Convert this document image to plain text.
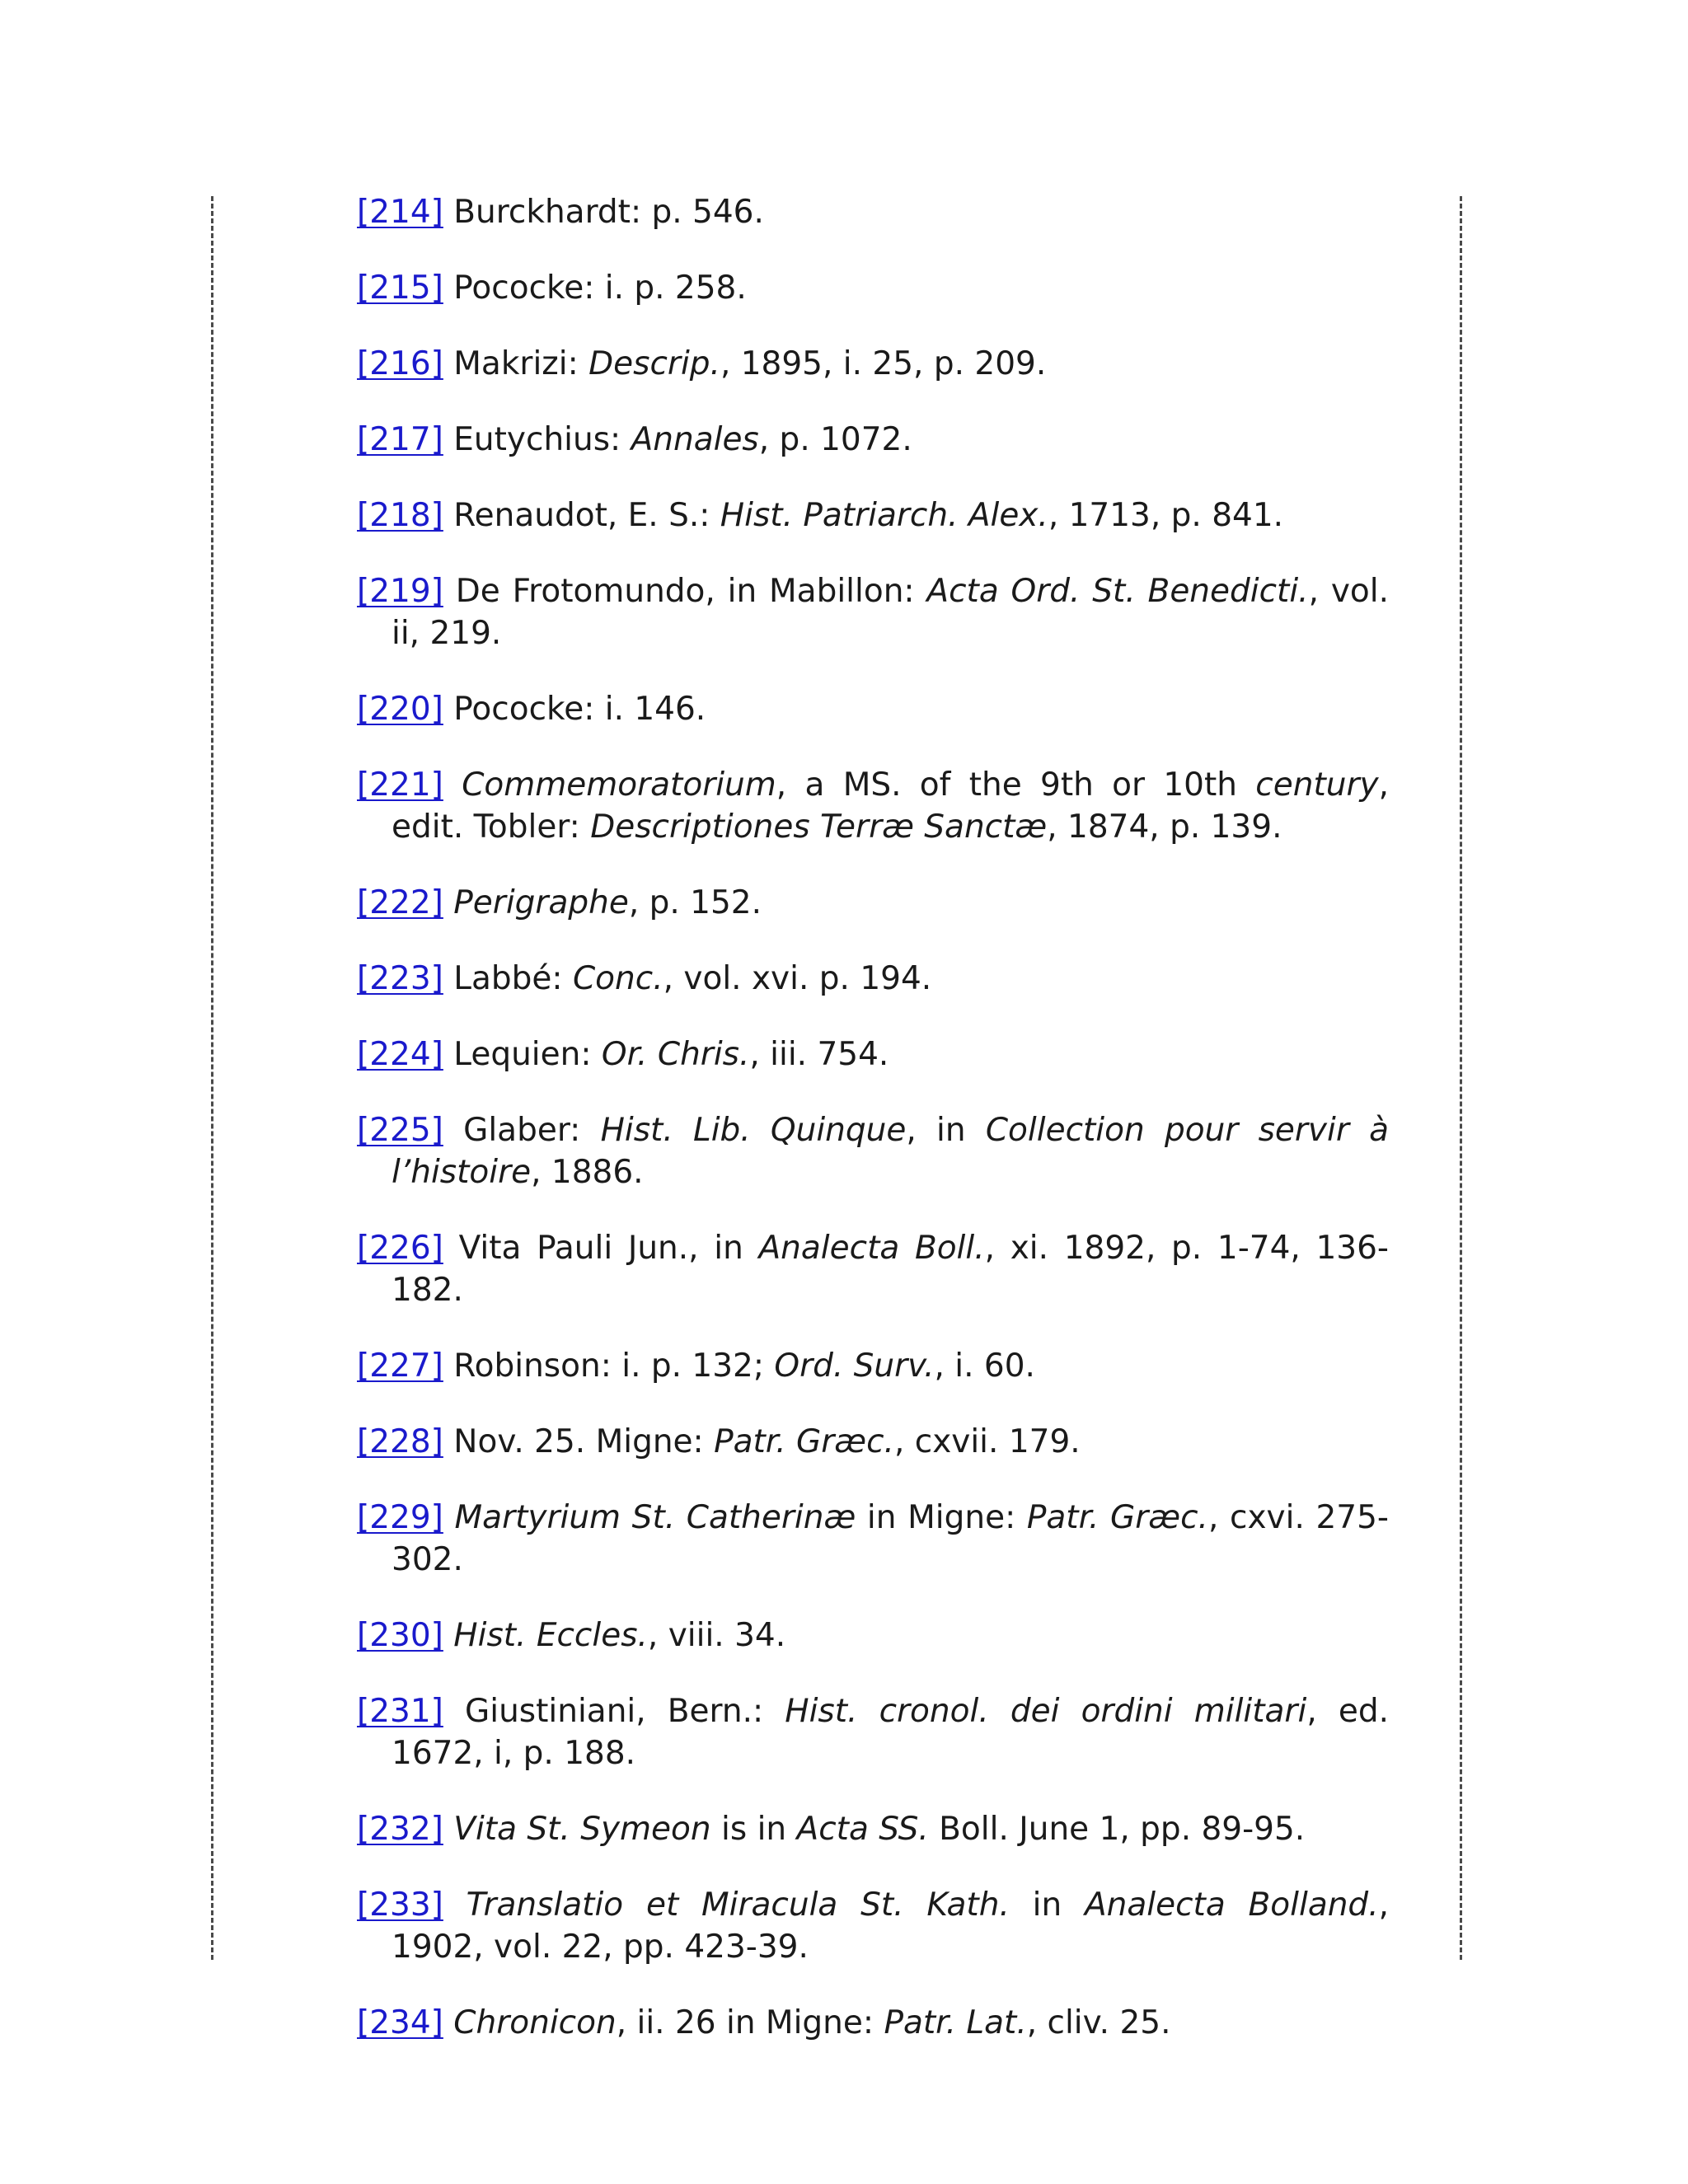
[214] Burckhardt: p. 546.

[215] Pococke: i. p. 258.

[216] Makrizi: Descrip., 1895, i. 25, p. 209.

[217] Eutychius: Annales, p. 1072.

[218] Renaudot, E. S.: Hist. Patriarch. Alex., 1713, p. 841.

[219] De Frotomundo, in Mabillon: Acta Ord. St. Benedicti., vol. ii, 219.

[220] Pococke: i. 146.

[221] Commemoratorium, a MS. of the 9th or 10th century, edit. Tobler: Descriptiones Terræ Sanctæ, 1874, p. 139.

[222] Perigraphe, p. 152.

[223] Labbé: Conc., vol. xvi. p. 194.

[224] Lequien: Or. Chris., iii. 754.

[225] Glaber: Hist. Lib. Quinque, in Collection pour servir à l’histoire, 1886.

[226] Vita Pauli Jun., in Analecta Boll., xi. 1892, p. 1-74, 136-182.

[227] Robinson: i. p. 132; Ord. Surv., i. 60.

[228] Nov. 25. Migne: Patr. Græc., cxvii. 179.

[229] Martyrium St. Catherinæ in Migne: Patr. Græc., cxvi. 275-302.

[230] Hist. Eccles., viii. 34.

[231] Giustiniani, Bern.: Hist. cronol. dei ordini militari, ed. 1672, i, p. 188.

[232] Vita St. Symeon is in Acta SS. Boll. June 1, pp. 89-95.

[233] Translatio et Miracula St. Kath. in Analecta Bolland., 1902, vol. 22, pp. 423-39.

[234] Chronicon, ii. 26 in Migne: Patr. Lat., cliv. 25.
